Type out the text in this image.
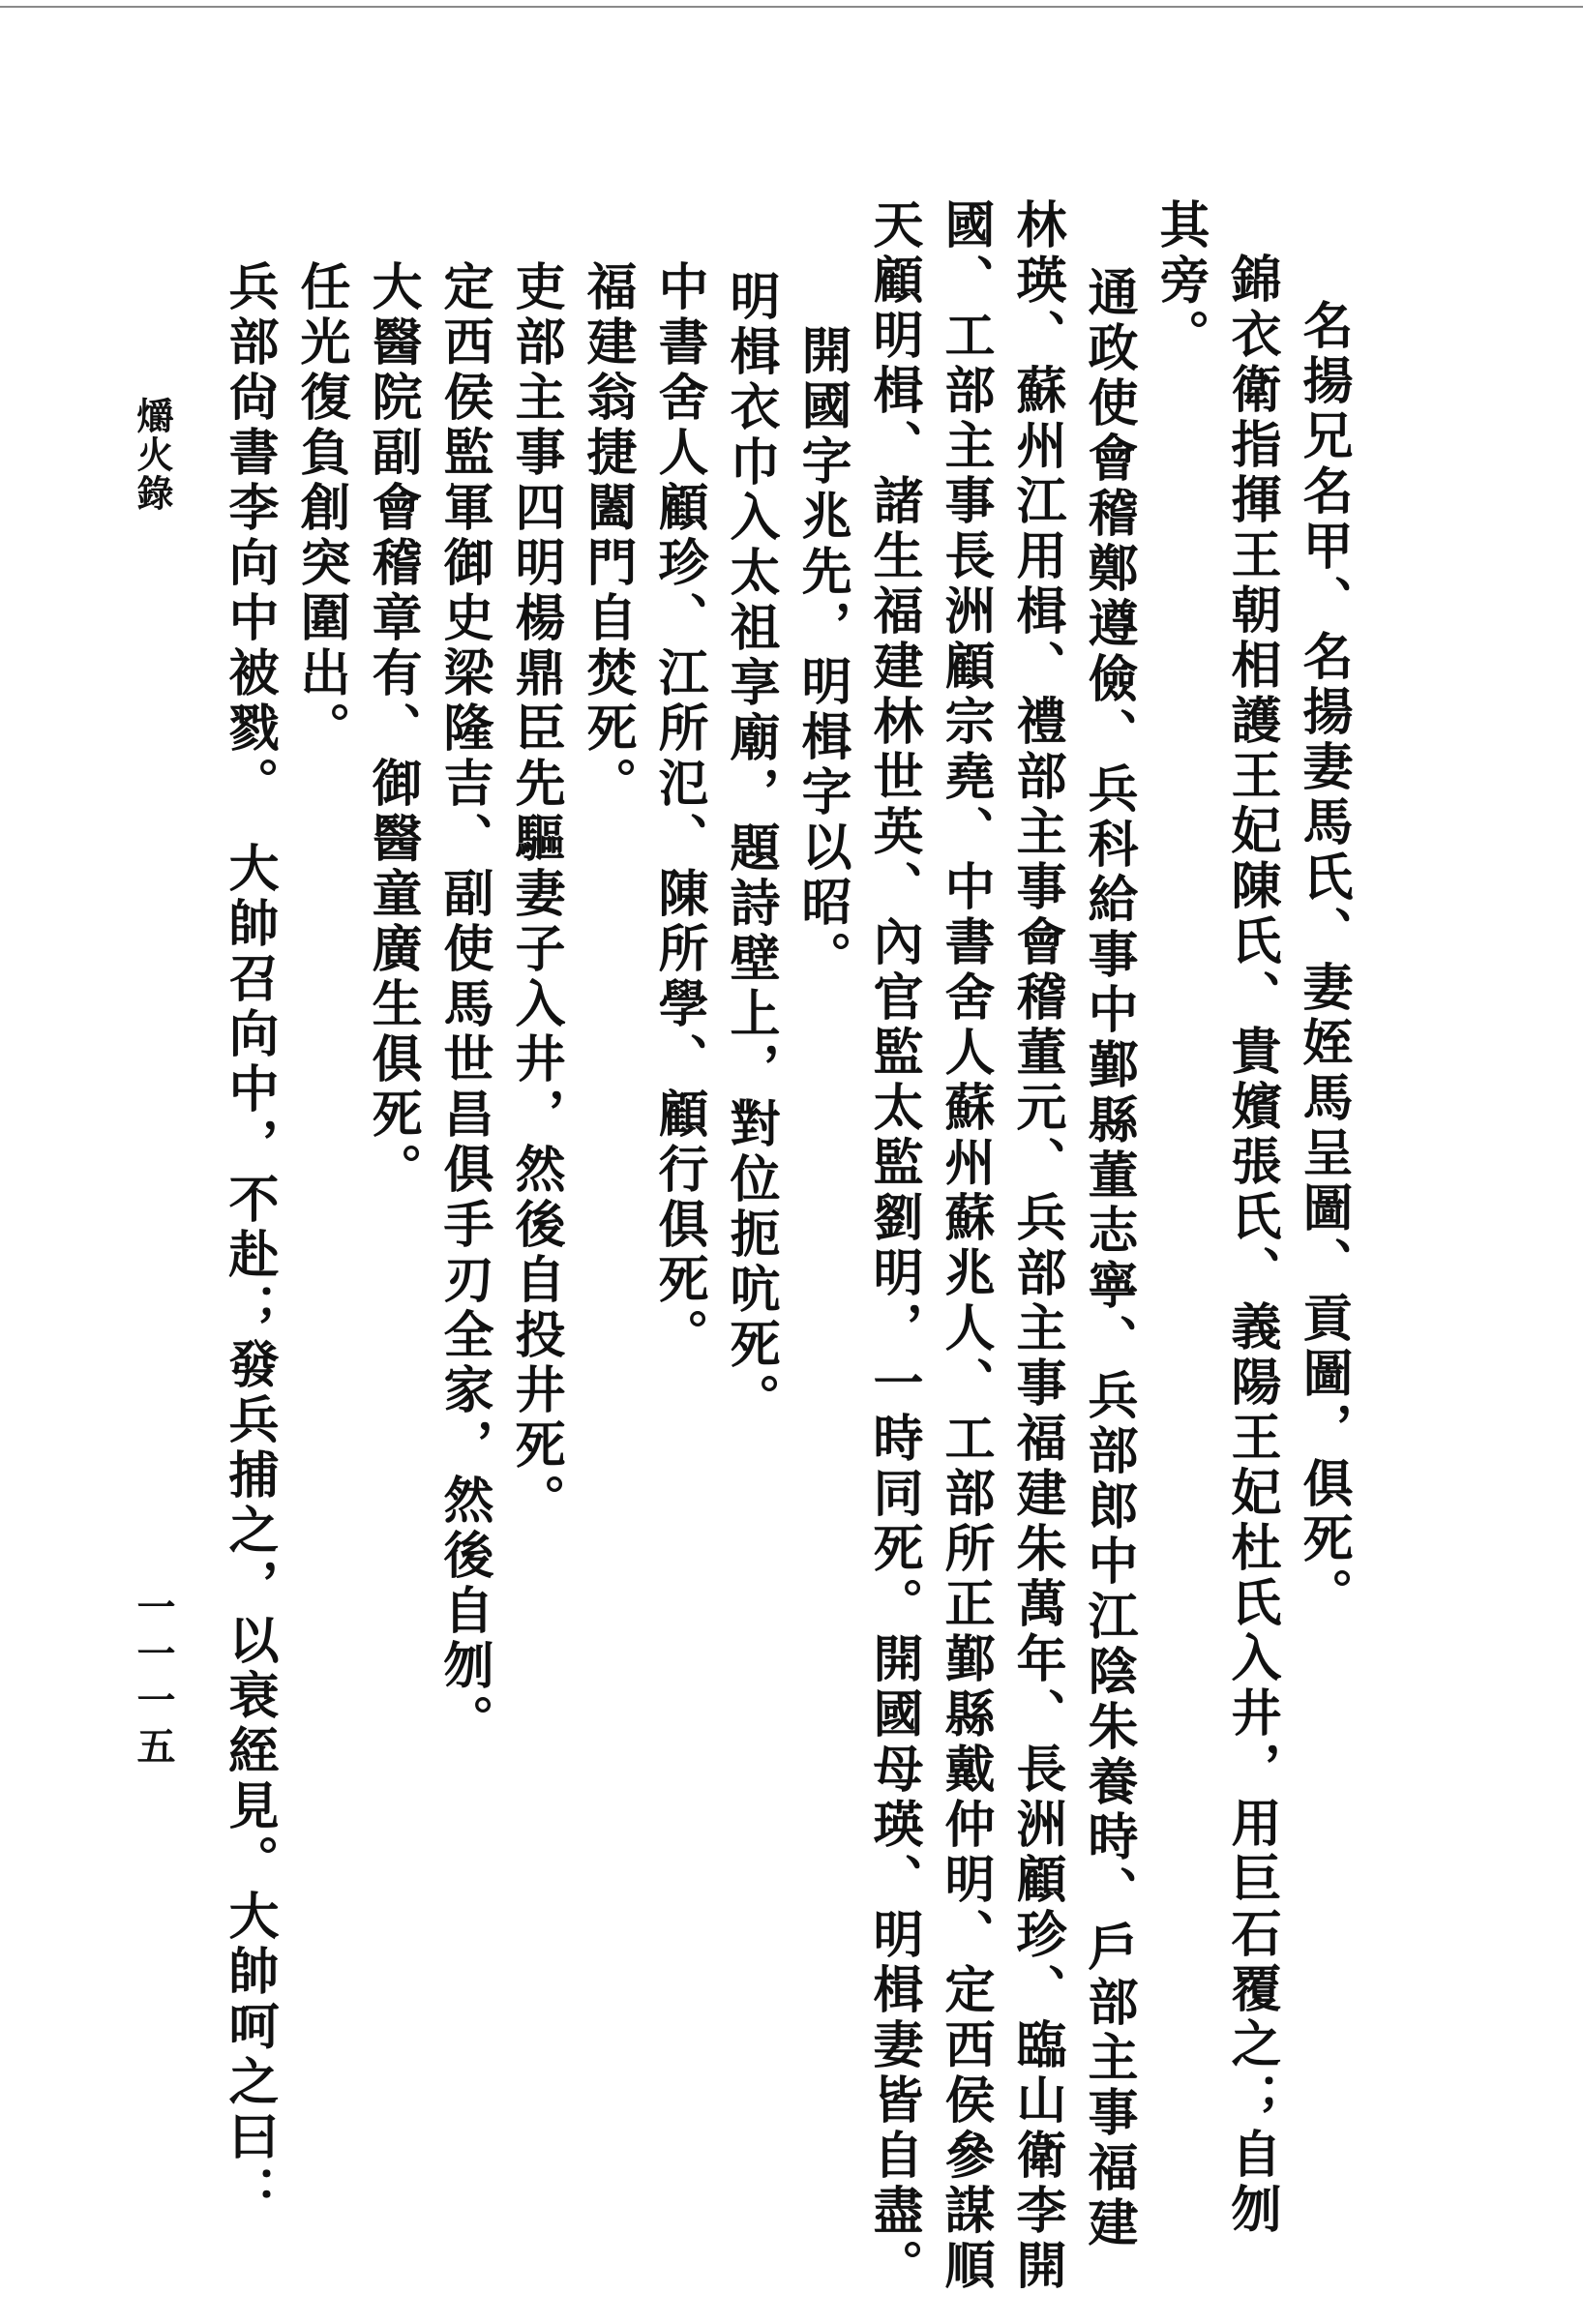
名揚兄名甲、名揚妻馬氏、妻姪馬呈圖、貢圖，俱死。
錦衣衛指揮王朝相護王妃陳氏、貴嬪張氏、義陽王妃杜氏入井，用巨石覆之；自刎
其旁。
通政使會稽鄭遵儉、兵科給事中鄞縣董志寧、兵部郎中江陰朱養時、戶部主事福建
林瑛、蘇州江用楫、禮部主事會稽董元、兵部主事福建朱萬年、長洲顧珍、臨山衛李開
國、工部主事長洲顧宗堯、中書舍人蘇州蘇兆人、工部所正鄞縣戴仲明、定西侯參謀順
天顧明楫、諸生福建林世英、內官監太監劉明，一時同死。開國母瑛、明楫妻皆自盡。
開國字兆先，明楫字以昭。
明楫衣巾入太祖享廟，題詩壁上，對位扼吭死。
中書舍人顧珍、江所氾、陳所學、顧行俱死。
福建翁捷闔門自焚死。
吏部主事四明楊鼎臣先驅妻子入井，然後自投井死。
定西侯監軍御史梁隆吉、副使馬世昌俱手刃全家，然後自刎。
大醫院副會稽章有、御醫童廣生俱死。
任光復負創突圍出。
兵部尙書李向中被戮。　大帥召向中，不赴；發兵捕之，以衰絰見。大帥呵之曰：
爝火錄
一一一五
